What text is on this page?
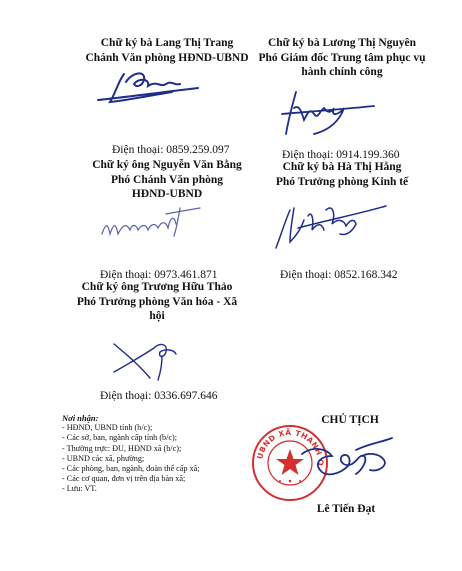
Chữ ký bà Lang Thị Trang
Chánh Văn phòng HĐND-UBND
Điện thoại: 0859.259.097
Chữ ký bà Lương Thị Nguyên
Phó Giám đốc Trung tâm phục vụ
hành chính công
Điện thoại: 0914.199.360
Chữ ký ông Nguyễn Văn Bằng
Phó Chánh Văn phòng
HĐND-UBND
Điện thoại: 0973.461.871
Chữ ký bà Hà Thị Hằng
Phó Trưởng phòng Kinh tế
Điện thoại: 0852.168.342
Chữ ký ông Trương Hữu Thảo
Phó Trưởng phòng Văn hóa - Xã
hội
Điện thoại: 0336.697.646
Nơi nhận:
- HĐND, UBND tỉnh (b/c);
- Các sở, ban, ngành cấp tỉnh (b/c);
- Thường trực: ĐU, HĐND xã (b/c);
- UBND các xã, phường;
- Các phòng, ban, ngành, đoàn thể cấp xã;
- Các cơ quan, đơn vị trên địa bàn xã;
- Lưu: VT.
CHỦ TỊCH
UBND XÃ THANH Q
Lê Tiến Đạt
